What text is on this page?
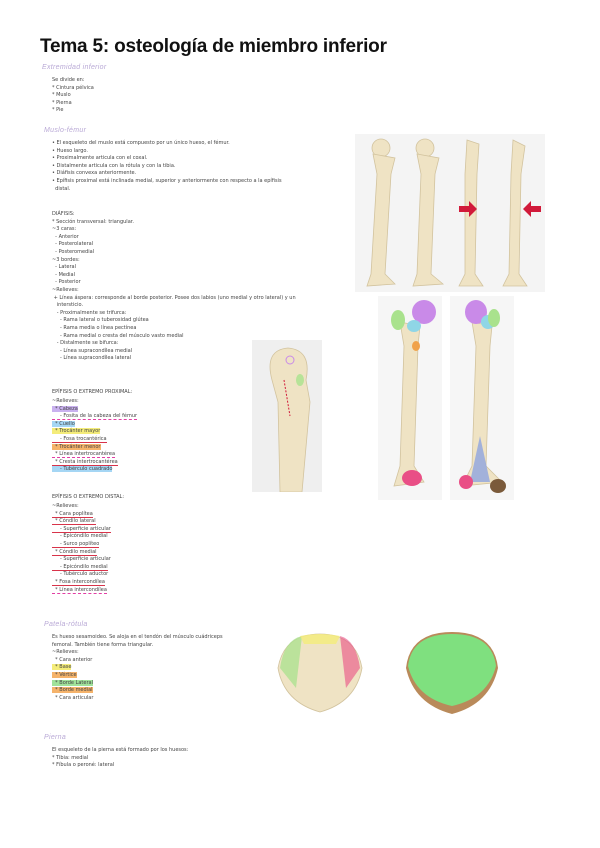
Tema 5: osteología de miembro inferior
Extremidad inferior
Se divide en:
* Cintura pélvica
* Muslo
* Pierna
* Pie
Muslo-fémur
• El esqueleto del muslo está compuesto por un único hueso, el fémur.
• Hueso largo.
• Proximalmente articula con el coxal.
• Distalmente articula con la rótula y con la tibia.
• Diáfisis convexa anteriormente.
• Epífisis proximal está inclinada medial, superior y anteriormente con respecto a la epífisis
distal.
DIÁFISIS:
* Sección transversal: triangular.
~3 caras:
- Anterior
- Posterolateral
- Posteromedial
~3 bordes:
- Lateral
- Medial
- Posterior
~Relieves:
+ Línea áspera: corresponde al borde posterior. Posee dos labios (uno medial y otro lateral) y un
intersticio.
- Proximalmente se trifurca:
- Rama lateral o tuberosidad glútea
- Rama media o línea pectínea
- Rama medial o cresta del músculo vasto medial
- Distalmente se bifurca:
- Línea supracondílea medial
- Línea supracondílea lateral
EPÍFISIS O EXTREMO PROXIMAL:
~Relieves:
* Cabeza
- Fosita de la cabeza del fémur
* Cuello
* Trocánter mayor
- Fosa trocantérica
* Trocánter menor
* Línea intertrocantérea
* Cresta intertrocantérea
- Tubérculo cuadrado
EPÍFISIS O EXTREMO DISTAL:
~Relieves:
* Cara poplítea
* Cóndilo lateral
- Superficie articular
- Epicóndilo medial
- Surco poplíteo
* Cóndilo medial
- Superficie articular
- Epicóndilo medial
- Tubérculo aductor
* Fosa intercondílea
* Línea intercondílea
Patela-rótula
Es hueso sesamoideo. Se aloja en el tendón del músculo cuádriceps
femoral. También tiene forma triangular.
~Relieves:
* Cara anterior
* Base
* Vértice
* Borde Lateral
* Borde medial
* Cara articular
Pierna
El esqueleto de la pierna está formado por los huesos:
* Tibia: medial
* Fíbula o peroné: lateral
